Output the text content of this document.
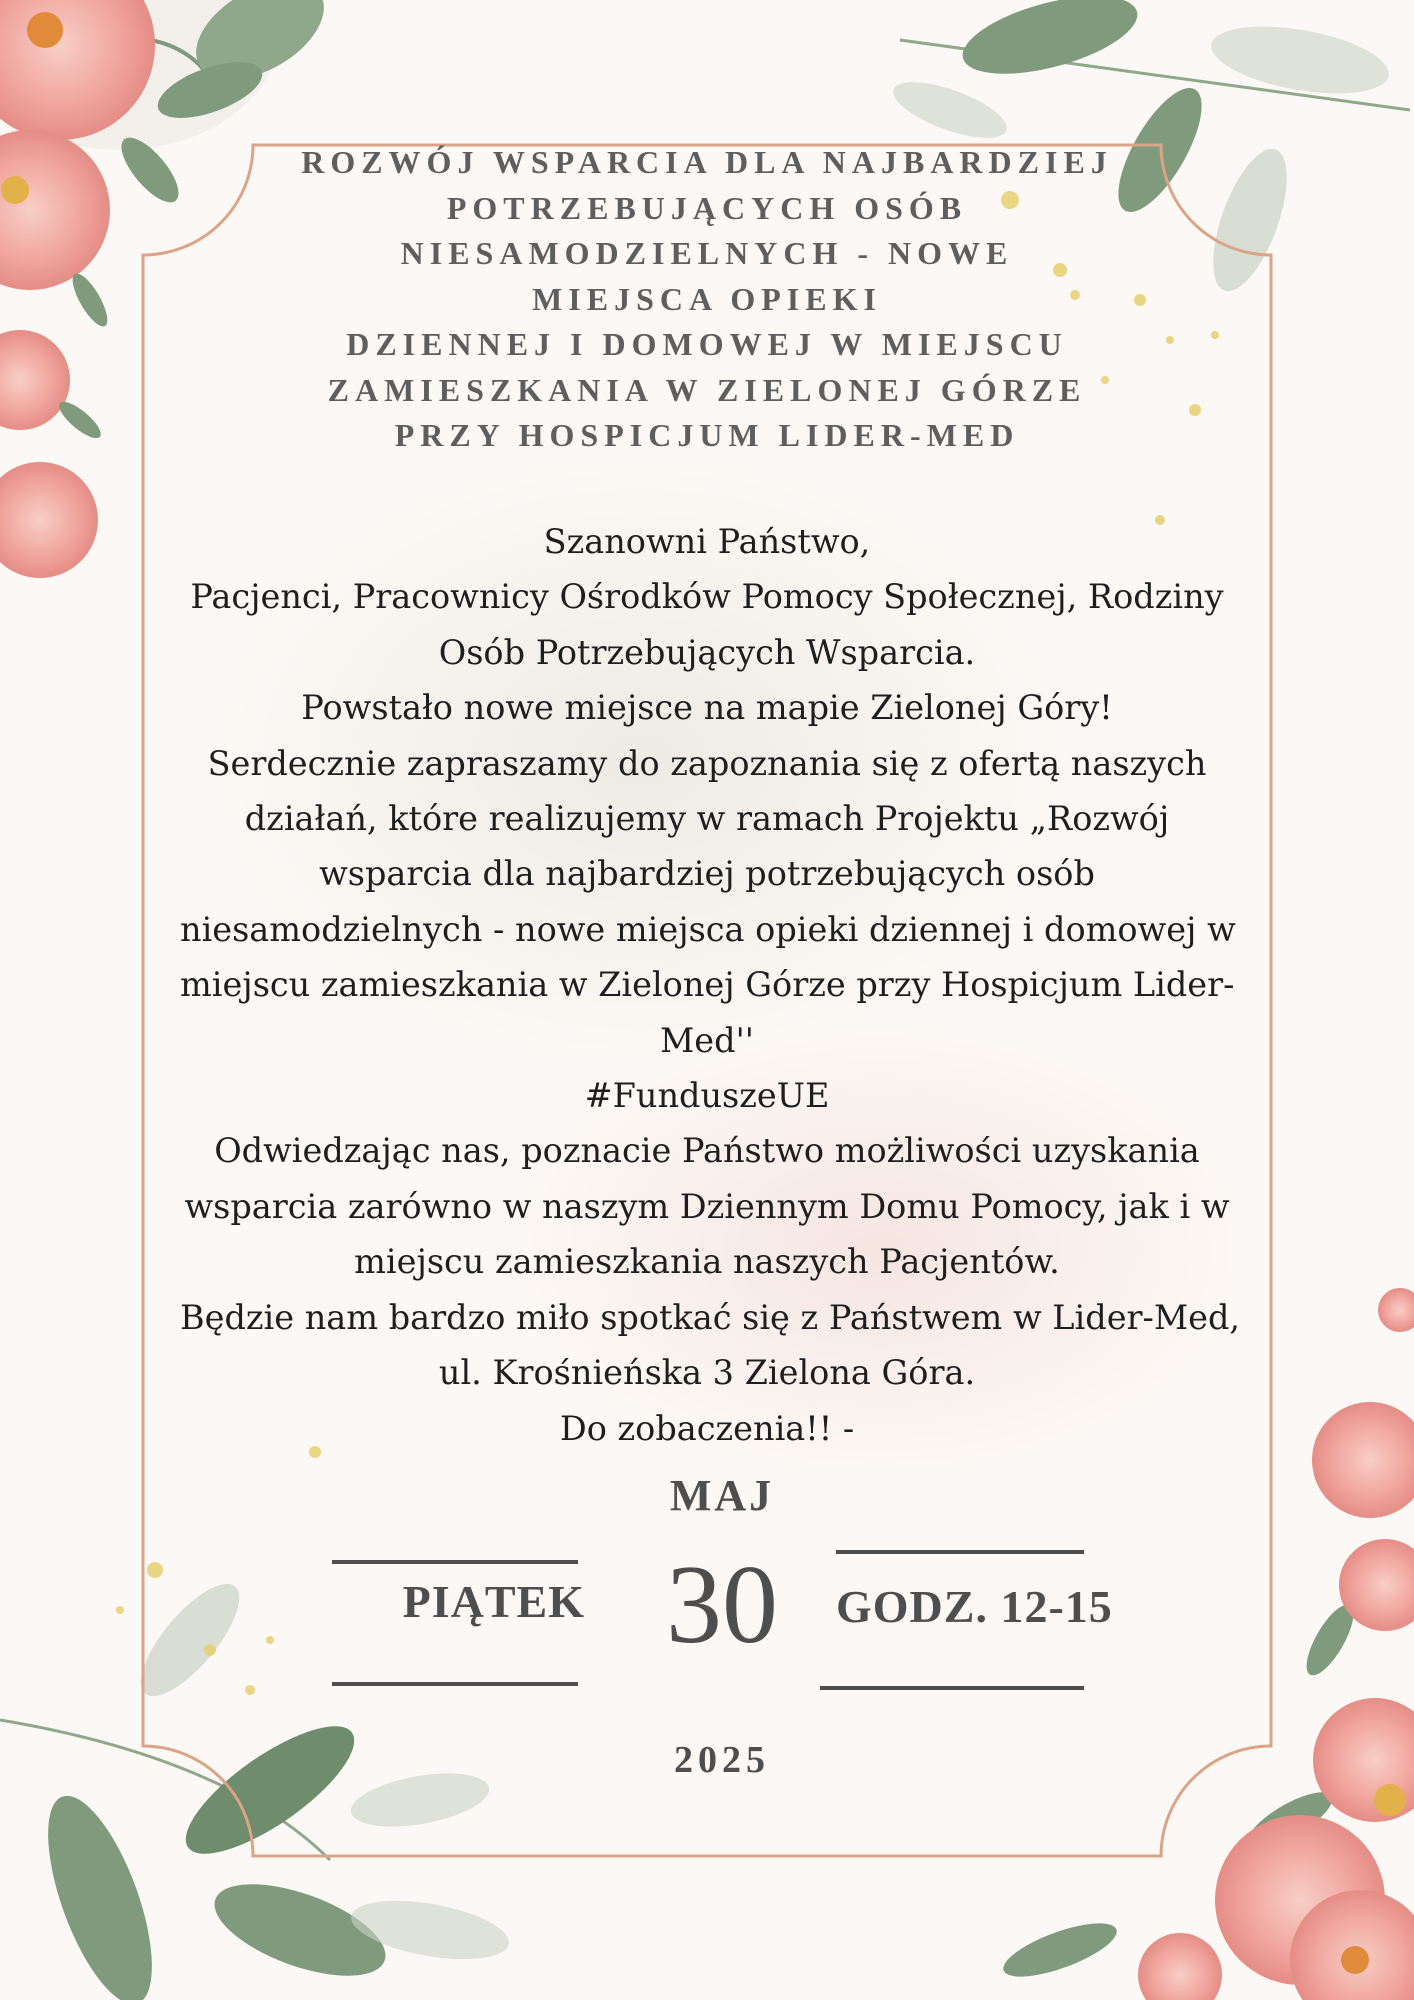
ROZWÓJ WSPARCIA DLA NAJBARDZIEJ
POTRZEBUJĄCYCH OSÓB
NIESAMODZIELNYCH - NOWE
MIEJSCA OPIEKI
DZIENNEJ I DOMOWEJ W MIEJSCU
ZAMIESZKANIA W ZIELONEJ GÓRZE
PRZY HOSPICJUM LIDER-MED
Szanowni Państwo,
Pacjenci, Pracownicy Ośrodków Pomocy Społecznej, Rodziny
Osób Potrzebujących Wsparcia.
Powstało nowe miejsce na mapie Zielonej Góry!
Serdecznie zapraszamy do zapoznania się z ofertą naszych
działań, które realizujemy w ramach Projektu „Rozwój
wsparcia dla najbardziej potrzebujących osób
niesamodzielnych - nowe miejsca opieki dziennej i domowej w
miejscu zamieszkania w Zielonej Górze przy Hospicjum Lider-
Med''
#FunduszeUE
Odwiedzając nas, poznacie Państwo możliwości uzyskania
wsparcia zarówno w naszym Dziennym Domu Pomocy, jak i w
miejscu zamieszkania naszych Pacjentów.
Będzie nam bardzo miło spotkać się z Państwem w Lider-Med,
ul. Krośnieńska 3 Zielona Góra.
Do zobaczenia!! -
MAJ
PIĄTEK 30	GODZ. 12-15
2025
